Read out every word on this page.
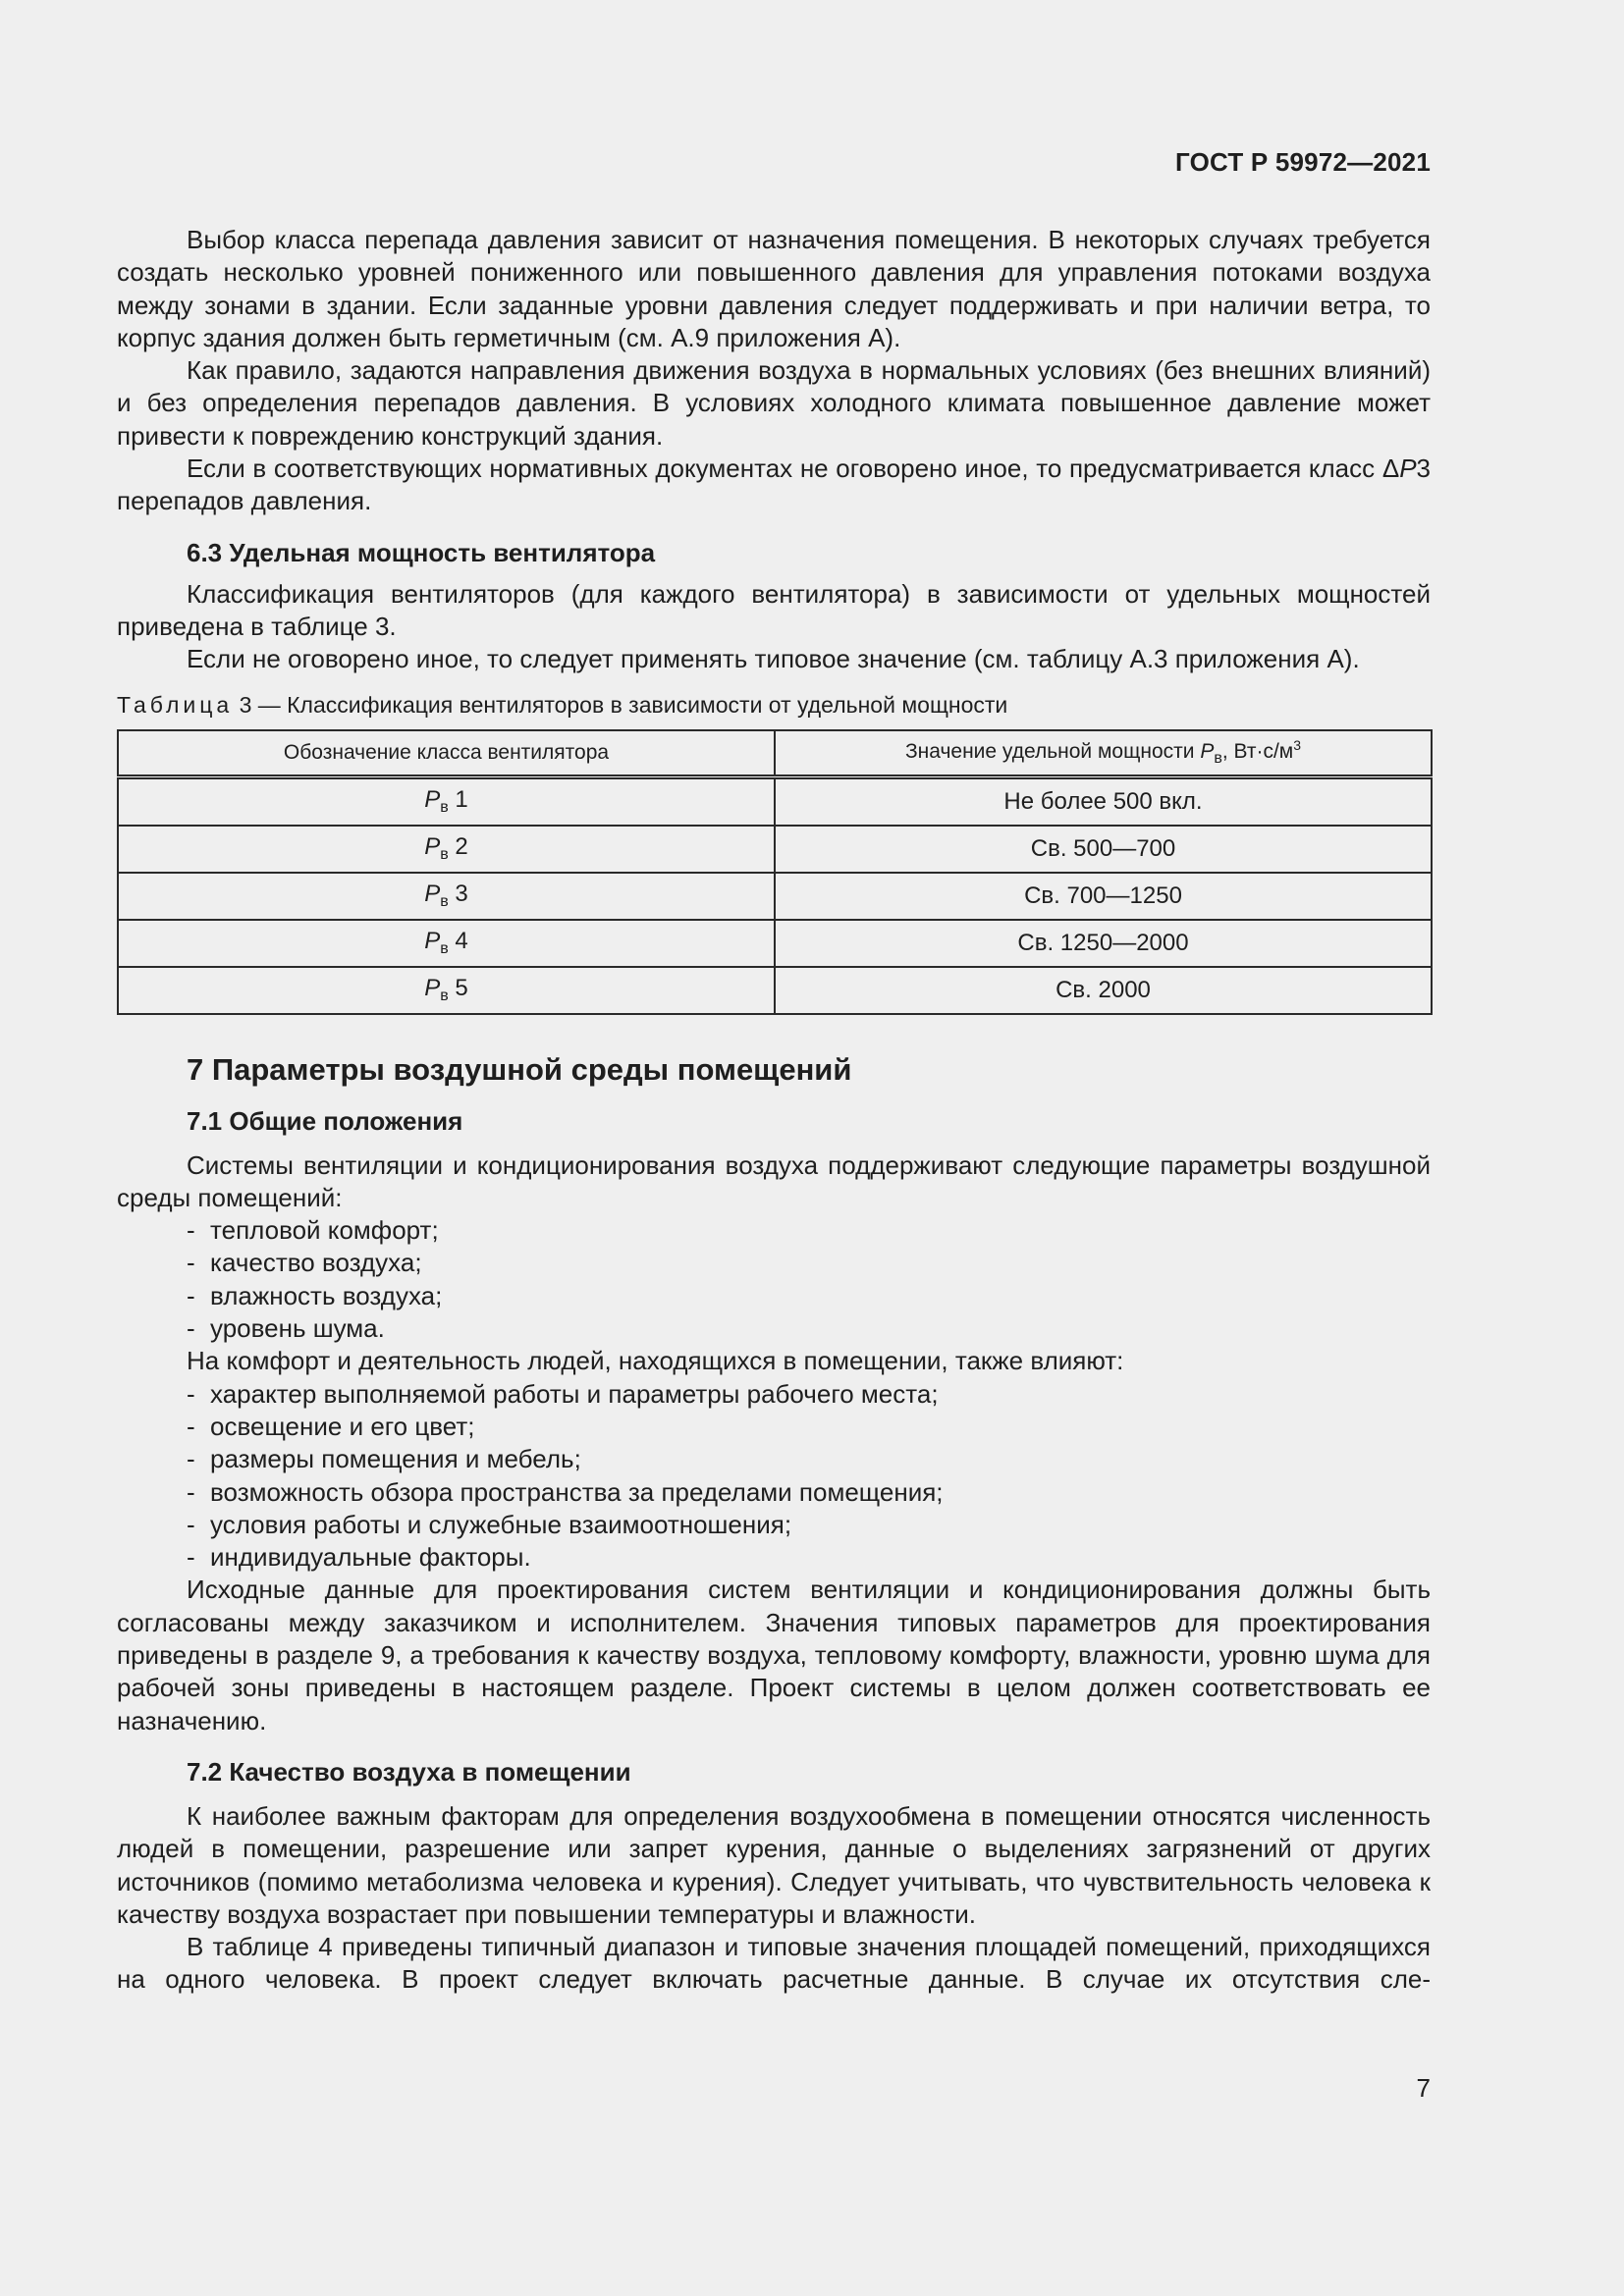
ГОСТ Р 59972—2021

Выбор класса перепада давления зависит от назначения помещения. В некоторых случаях требуется создать несколько уровней пониженного или повышенного давления для управления потоками воздуха между зонами в здании. Если заданные уровни давления следует поддерживать и при наличии ветра, то корпус здания должен быть герметичным (см. А.9 приложения А).

Как правило, задаются направления движения воздуха в нормальных условиях (без внешних влияний) и без определения перепадов давления. В условиях холодного климата повышенное давление может привести к повреждению конструкций здания.

Если в соответствующих нормативных документах не оговорено иное, то предусматривается класс ΔP3 перепадов давления.

6.3 Удельная мощность вентилятора

Классификация вентиляторов (для каждого вентилятора) в зависимости от удельных мощностей приведена в таблице 3.

Если не оговорено иное, то следует применять типовое значение (см. таблицу А.3 приложения А).

Таблица 3 — Классификация вентиляторов в зависимости от удельной мощности
Обозначение класса вентилятора	Значение удельной мощности $P_в$, $Вт\cdot с/м^3$
$P_в$ 1	Не более 500 вкл.
$P_в$ 2	Св. 500—700
$P_в$ 3	Св. 700—1250
$P_в$ 4	Св. 1250—2000
$P_в$ 5	Св. 2000
7 Параметры воздушной среды помещений
7.1 Общие положения

Системы вентиляции и кондиционирования воздуха поддерживают следующие параметры воздушной среды помещений:

- тепловой комфорт;
- качество воздуха;
- влажность воздуха;
- уровень шума.

На комфорт и деятельность людей, находящихся в помещении, также влияют:

- характер выполняемой работы и параметры рабочего места;
- освещение и его цвет;
- размеры помещения и мебель;
- возможность обзора пространства за пределами помещения;
- условия работы и служебные взаимоотношения;
- индивидуальные факторы.

Исходные данные для проектирования систем вентиляции и кондиционирования должны быть согласованы между заказчиком и исполнителем. Значения типовых параметров для проектирования приведены в разделе 9, а требования к качеству воздуха, тепловому комфорту, влажности, уровню шума для рабочей зоны приведены в настоящем разделе. Проект системы в целом должен соответствовать ее назначению.

7.2 Качество воздуха в помещении

К наиболее важным факторам для определения воздухообмена в помещении относятся численность людей в помещении, разрешение или запрет курения, данные о выделениях загрязнений от других источников (помимо метаболизма человека и курения). Следует учитывать, что чувствительность человека к качеству воздуха возрастает при повышении температуры и влажности.

В таблице 4 приведены типичный диапазон и типовые значения площадей помещений, приходящихся на одного человека. В проект следует включать расчетные данные. В случае их отсутствия сле-

7
